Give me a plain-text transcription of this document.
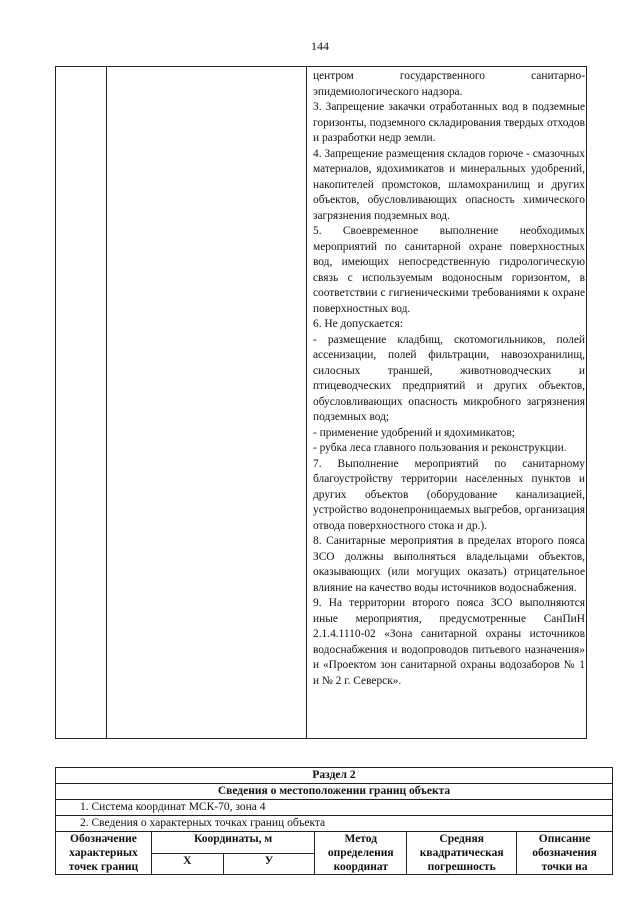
144

центром государственного санитарно-эпидемиологического надзора.

3. Запрещение закачки отработанных вод в подземные горизонты, подземного складирования твердых отходов и разработки недр земли.

4. Запрещение размещения складов горюче - смазочных материалов, ядохимикатов и минеральных удобрений, накопителей промстоков, шламохранилищ и других объектов, обусловливающих опасность химического загрязнения подземных вод.

5. Своевременное выполнение необходимых мероприятий по санитарной охране поверхностных вод, имеющих непосредственную гидрологическую связь с используемым водоносным горизонтом, в соответствии с гигиеническими требованиями к охране поверхностных вод.

6. Не допускается:

- размещение кладбищ, скотомогильников, полей ассенизации, полей фильтрации, навозохранилищ, силосных траншей, животноводческих и птицеводческих предприятий и других объектов, обусловливающих опасность микробного загрязнения подземных вод;

- применение удобрений и ядохимикатов;

- рубка леса главного пользования и реконструкции.

7. Выполнение мероприятий по санитарному благоустройству территории населенных пунктов и других объектов (оборудование канализацией, устройство водонепроницаемых выгребов, организация отвода поверхностного стока и др.).

8. Санитарные мероприятия в пределах второго пояса ЗСО должны выполняться владельцами объектов, оказывающих (или могущих оказать) отрицательное влияние на качество воды источников водоснабжения.

9. На территории второго пояса ЗСО выполняются иные мероприятия, предусмотренные СанПиН 2.1.4.1110-02 «Зона санитарной охраны источников водоснабжения и водопроводов питьевого назначения» и «Проектом зон санитарной охраны водозаборов № 1 и № 2 г. Северск».

Раздел 2					
Сведения о местоположении границ объекта					
1. Система координат МСК-70, зона 4					
2. Сведения о характерных точках границ объекта					
Обозначение характерных точек границ	Координаты, м		Метод определения координат	Средняя квадратическая погрешность	Описание обозначения точки на
	Х	У			
